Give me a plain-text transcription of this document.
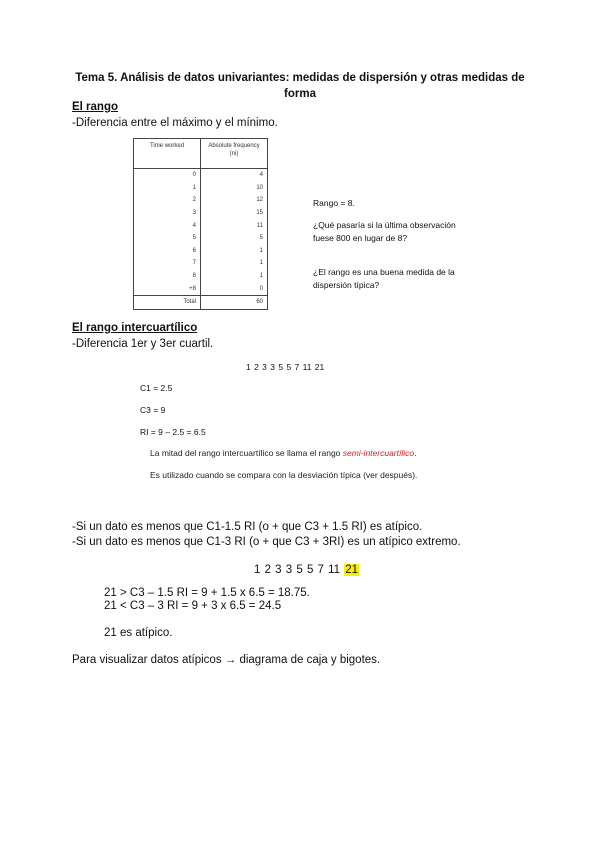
Tema 5. Análisis de datos univariantes: medidas de dispersión y otras medidas de forma
El rango
-Diferencia entre el máximo y el mínimo.
Time worked	Absolute frequency (ni)
0	4
1	10
2	12
3	15
4	11
5	5
6	1
7	1
8	1
+8	0
Total	60
Rango = 8.
¿Qué pasaría si la última observación fuese 800 en lugar de 8?
¿El rango es una buena medida de la dispersión típica?
El rango intercuartílico
-Diferencia 1er y 3er cuartil.
1 2 3 3 5 5 7 11 21
C1 = 2.5
C3 = 9
RI = 9 – 2.5 = 6.5
La mitad del rango intercuartílico se llama el rango semi-intercuartílico.
Es utilizado cuando se compara con la desviación típica (ver después).
-Si un dato es menos que C1-1.5 RI (o + que C3 + 1.5 RI) es atípico.
-Si un dato es menos que C1-3 RI (o + que C3 + 3RI) es un atípico extremo.
1 2 3 3 5 5 7 11 21
21 > C3 – 1.5 RI = 9 + 1.5 x 6.5 = 18.75.
21 < C3 – 3 RI = 9 + 3 x 6.5 = 24.5
21 es atípico.
Para visualizar datos atípicos → diagrama de caja y bigotes.
